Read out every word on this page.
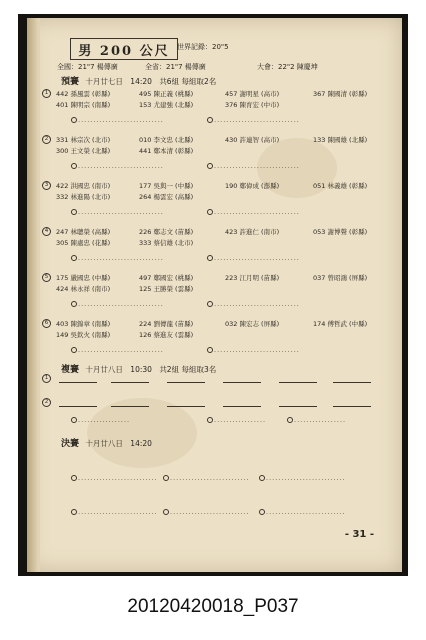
男 200 公尺 世界記錄：20"5
全國：21"7 楊傳廣	全省：21"7 楊傳廣	大會：22"2 陳慶坤
預賽 十月廿七日 14:20 共6組 每組取2名
1	442 孫風雲 (彰縣)	495 陳正義 (桃縣)	457 謝明星 (高市)	367 陳國清 (彰縣)
401 陳明宗 (南縣)	153 尤建強 (北縣)	376 陳育宏 (中市)
............................	............................
2	331 林宗次 (北市)	010 李文忠 (北縣)	430 許連智 (高市)	133 陳國雄 (北縣)
300 王文榮 (北縣)	441 鄭本清 (彰縣)
............................	............................
3	422 洪國忠 (南市)	177 吳與一 (中縣)	190 鄭偉成 (澎縣)	051 林義雄 (彰縣)
332 林進陽 (北市)	264 楊雲宏 (高縣)
............................	............................
4	247 林聰榮 (高縣)	226 鄭志文 (苗縣)	423 許進仁 (南市)	053 謝博聲 (彰縣)
305 陳處忠 (花縣)	333 蔡信雄 (北市)
............................	............................
5	175 嚴國忠 (中縣)	497 鄭國宏 (桃縣)	223 江月明 (苗縣)	037 曾昭鴻 (屏縣)
424 林永祥 (南市)	125 王勝榮 (雲縣)
............................	............................
6	403 陳錦章 (南縣)	224 劉傳龍 (苗縣)	032 陳宏志 (屏縣)	174 傅哲武 (中縣)
149 吳欽火 (南縣)	126 蔡進友 (雲縣)
............................	............................
複賽 十月廿八日 10:30 共2組 每組取3名
1
2
.................	.................	.................
決賽 十月廿八日 14:20
..........................	..........................	..........................
..........................	..........................	..........................
- 31 -
20120420018_P037
